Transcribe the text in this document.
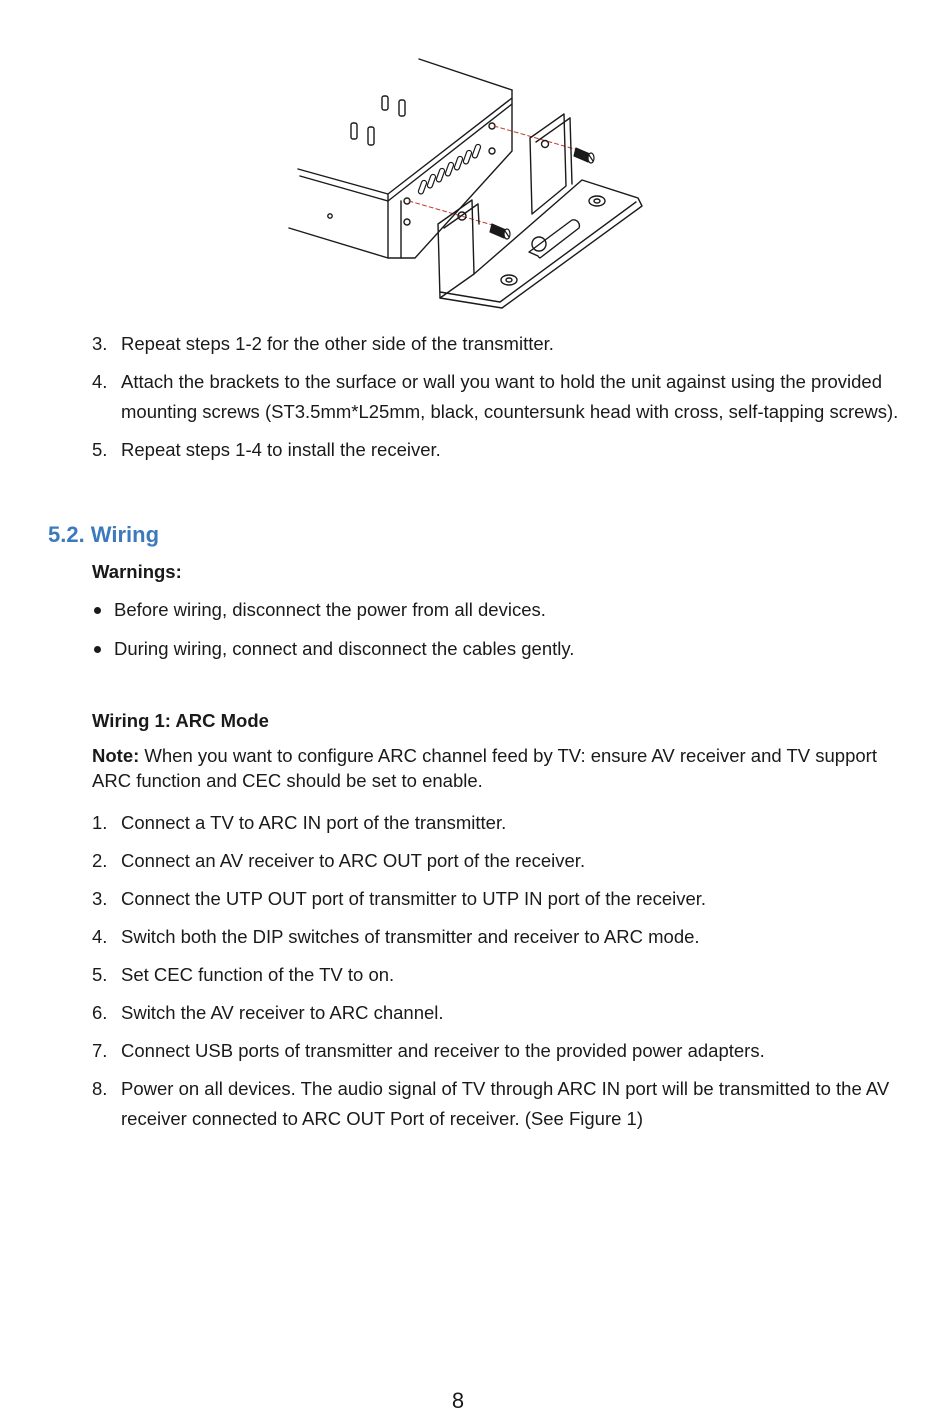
3. Repeat steps 1-2 for the other side of the transmitter.
4. Attach the brackets to the surface or wall you want to hold the unit against using the provided mounting screws (ST3.5mm*L25mm, black, countersunk head with cross, self-tapping screws).
5. Repeat steps 1-4 to install the receiver.
5.2. Wiring

Warnings:

Before wiring, disconnect the power from all devices.
During wiring, connect and disconnect the cables gently.

Wiring 1: ARC Mode

Note: When you want to configure ARC channel feed by TV: ensure AV receiver and TV support ARC function and CEC should be set to enable.

1. Connect a TV to ARC IN port of the transmitter.
2. Connect an AV receiver to ARC OUT port of the receiver.
3. Connect the UTP OUT port of transmitter to UTP IN port of the receiver.
4. Switch both the DIP switches of transmitter and receiver to ARC mode.
5. Set CEC function of the TV to on.
6. Switch the AV receiver to ARC channel.
7. Connect USB ports of transmitter and receiver to the provided power adapters.
8. Power on all devices. The audio signal of TV through ARC IN port will be transmitted to the AV receiver connected to ARC OUT Port of receiver. (See Figure 1)
8
